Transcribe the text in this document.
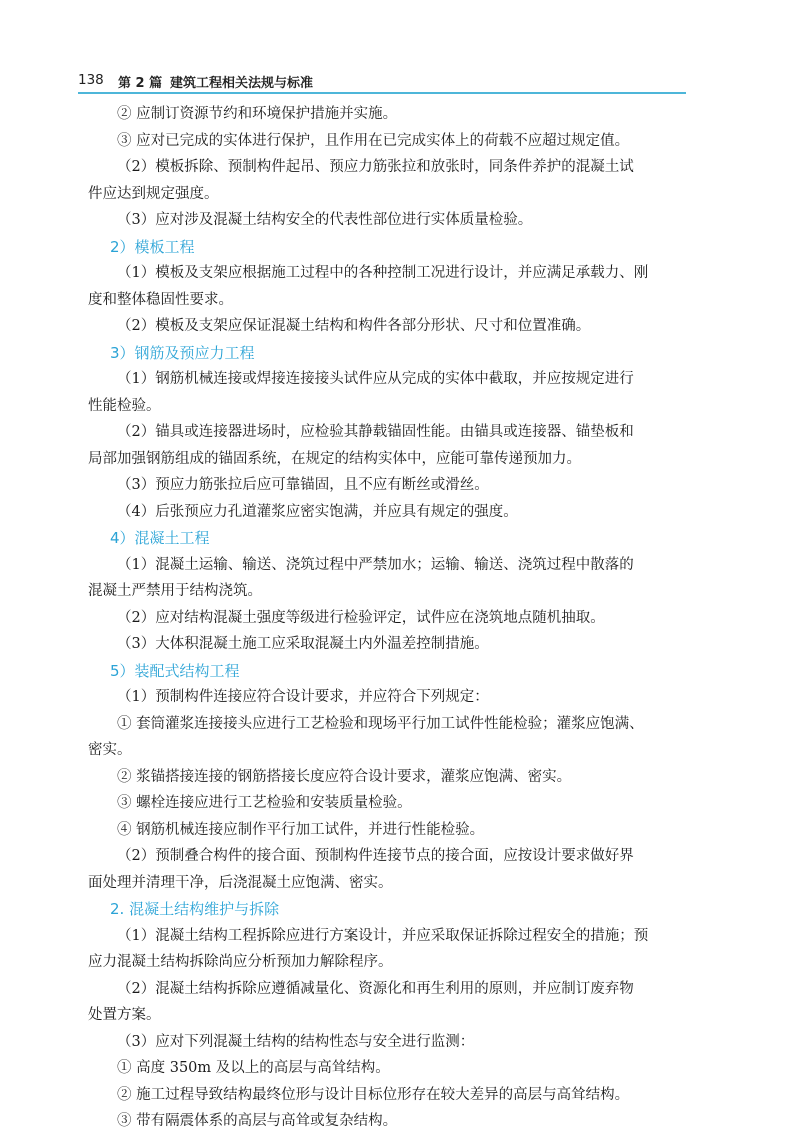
138 第 2 篇 建筑工程相关法规与标准
② 应制订资源节约和环境保护措施并实施。
③ 应对已完成的实体进行保护，且作用在已完成实体上的荷载不应超过规定值。
（2）模板拆除、预制构件起吊、预应力筋张拉和放张时，同条件养护的混凝土试
件应达到规定强度。
（3）应对涉及混凝土结构安全的代表性部位进行实体质量检验。
2）模板工程
（1）模板及支架应根据施工过程中的各种控制工况进行设计，并应满足承载力、刚
度和整体稳固性要求。
（2）模板及支架应保证混凝土结构和构件各部分形状、尺寸和位置准确。
3）钢筋及预应力工程
（1）钢筋机械连接或焊接连接接头试件应从完成的实体中截取，并应按规定进行
性能检验。
（2）锚具或连接器进场时，应检验其静载锚固性能。由锚具或连接器、锚垫板和
局部加强钢筋组成的锚固系统，在规定的结构实体中，应能可靠传递预加力。
（3）预应力筋张拉后应可靠锚固，且不应有断丝或滑丝。
（4）后张预应力孔道灌浆应密实饱满，并应具有规定的强度。
4）混凝土工程
（1）混凝土运输、输送、浇筑过程中严禁加水；运输、输送、浇筑过程中散落的
混凝土严禁用于结构浇筑。
（2）应对结构混凝土强度等级进行检验评定，试件应在浇筑地点随机抽取。
（3）大体积混凝土施工应采取混凝土内外温差控制措施。
5）装配式结构工程
（1）预制构件连接应符合设计要求，并应符合下列规定：
① 套筒灌浆连接接头应进行工艺检验和现场平行加工试件性能检验；灌浆应饱满、
密实。
② 浆锚搭接连接的钢筋搭接长度应符合设计要求，灌浆应饱满、密实。
③ 螺栓连接应进行工艺检验和安装质量检验。
④ 钢筋机械连接应制作平行加工试件，并进行性能检验。
（2）预制叠合构件的接合面、预制构件连接节点的接合面，应按设计要求做好界
面处理并清理干净，后浇混凝土应饱满、密实。
2. 混凝土结构维护与拆除
（1）混凝土结构工程拆除应进行方案设计，并应采取保证拆除过程安全的措施；预
应力混凝土结构拆除尚应分析预加力解除程序。
（2）混凝土结构拆除应遵循减量化、资源化和再生利用的原则，并应制订废弃物
处置方案。
（3）应对下列混凝土结构的结构性态与安全进行监测：
① 高度 350m 及以上的高层与高耸结构。
② 施工过程导致结构最终位形与设计目标位形存在较大差异的高层与高耸结构。
③ 带有隔震体系的高层与高耸或复杂结构。
